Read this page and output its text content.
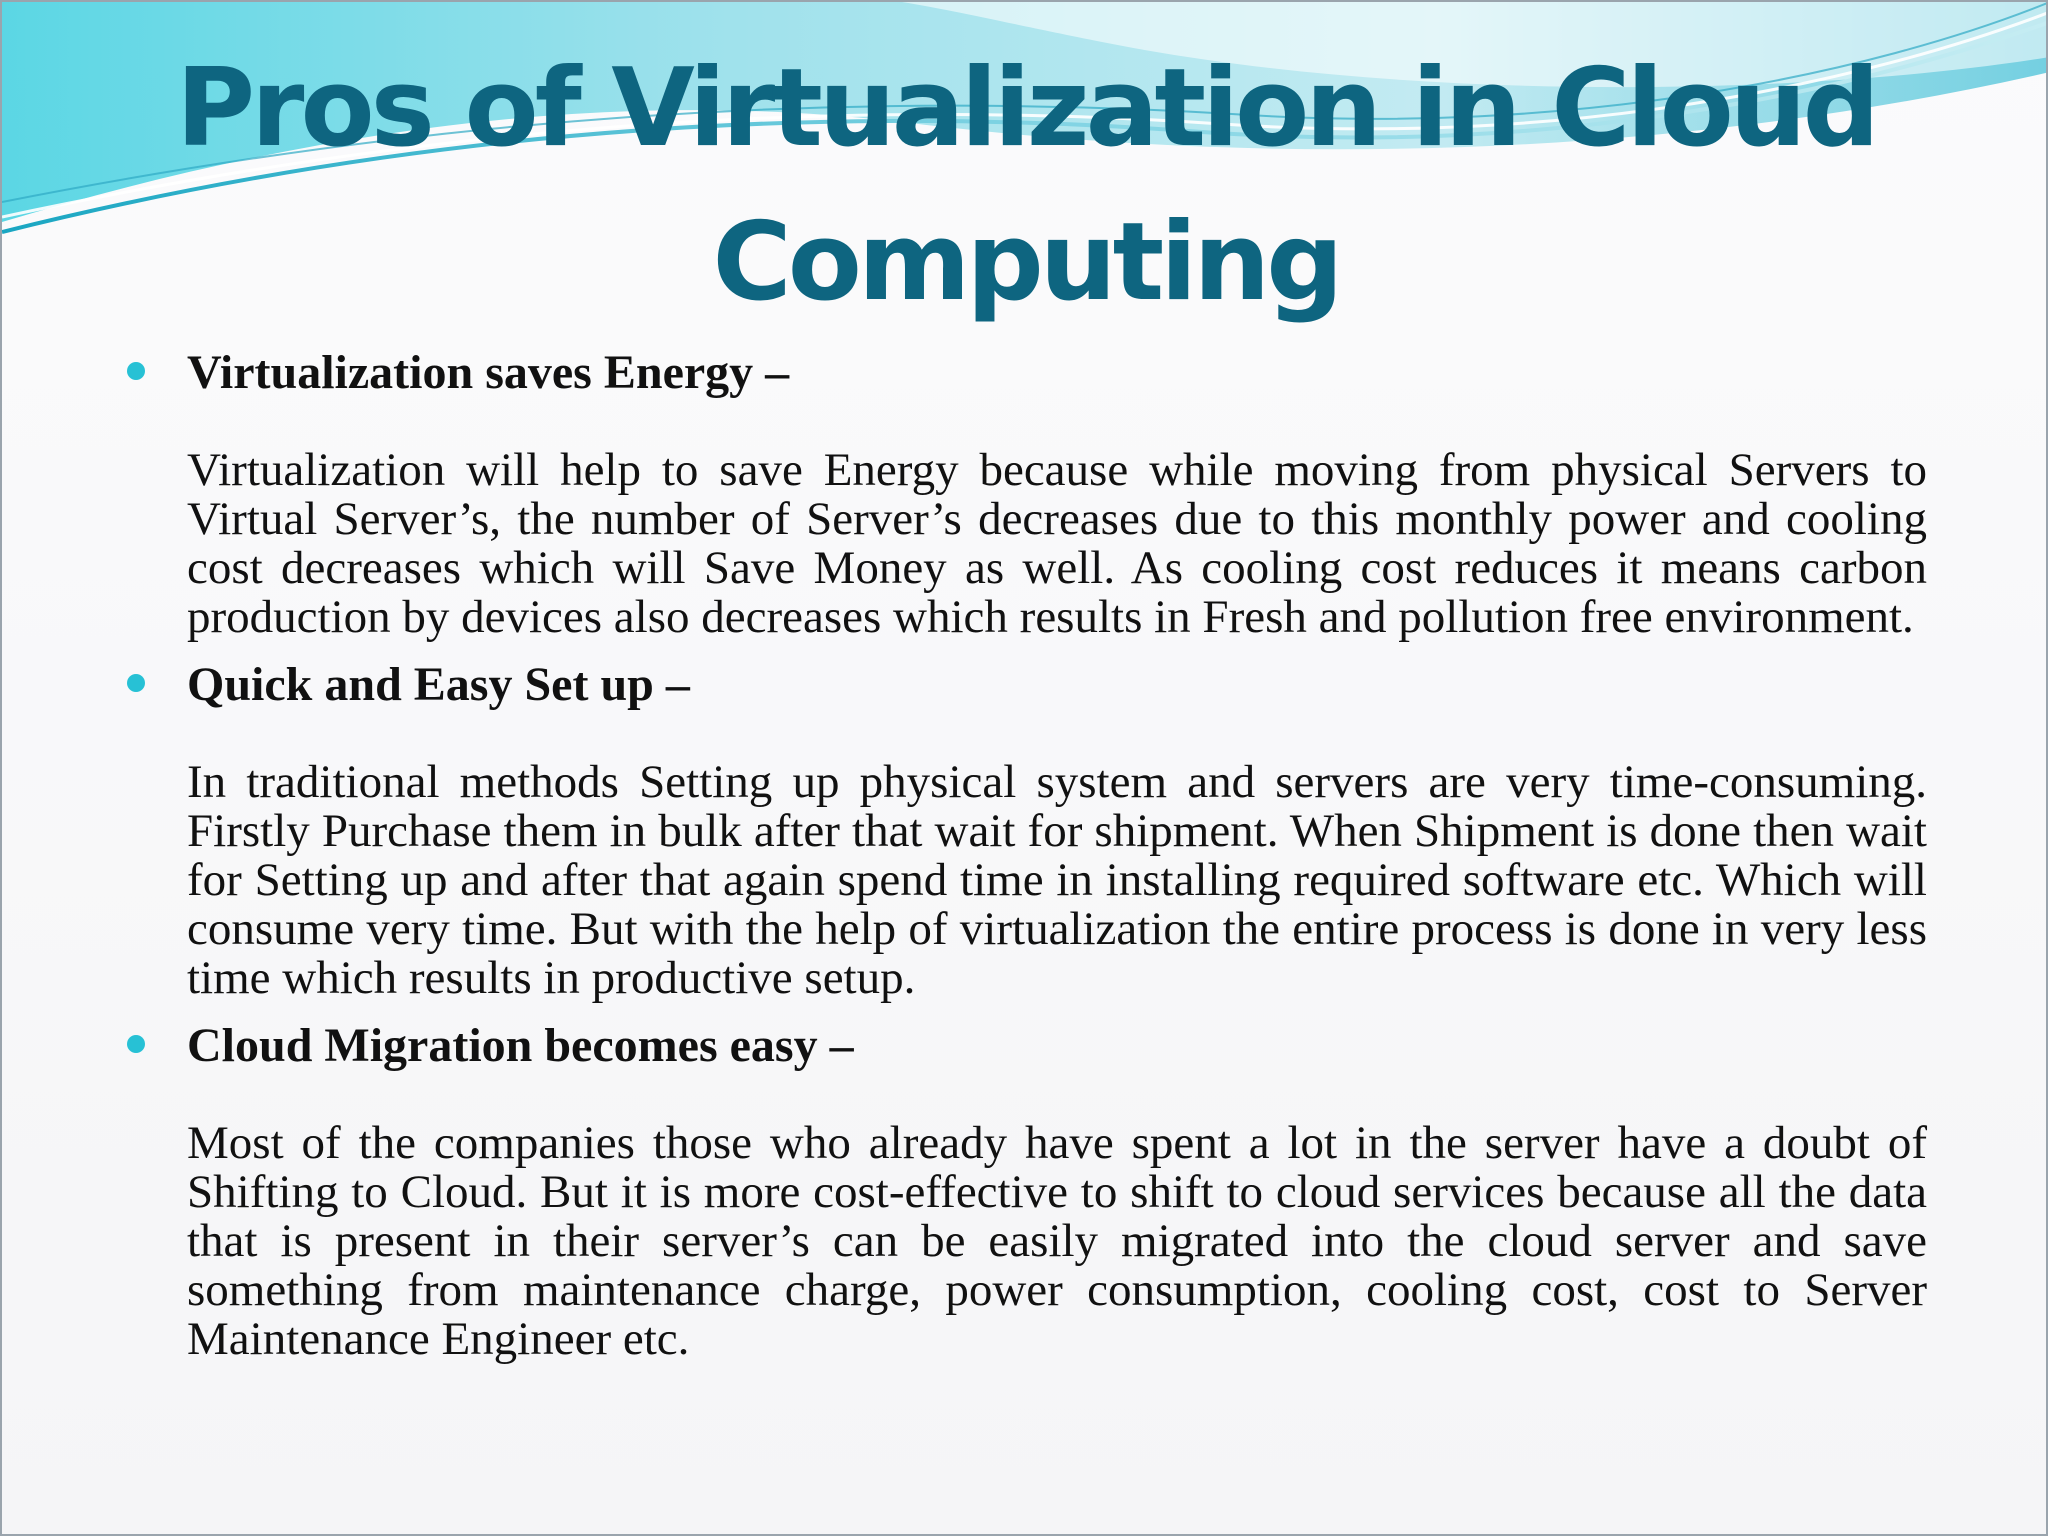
Pros of Virtualization in Cloud Computing

Virtualization saves Energy –

Virtualization will help to save Energy because while moving from physical Servers to Virtual Server’s, the number of Server’s decreases due to this monthly power and cooling cost decreases which will Save Money as well. As cooling cost reduces it means carbon production by devices also decreases which results in Fresh and pollution free environment.

Quick and Easy Set up –

In traditional methods Setting up physical system and servers are very time-consuming. Firstly Purchase them in bulk after that wait for shipment. When Shipment is done then wait for Setting up and after that again spend time in installing required software etc. Which will consume very time. But with the help of virtualization the entire process is done in very less time which results in productive setup.

Cloud Migration becomes easy –

Most of the companies those who already have spent a lot in the server have a doubt of Shifting to Cloud. But it is more cost-effective to shift to cloud services because all the data that is present in their server’s can be easily migrated into the cloud server and save something from maintenance charge, power consumption, cooling cost, cost to Server Maintenance Engineer etc.
